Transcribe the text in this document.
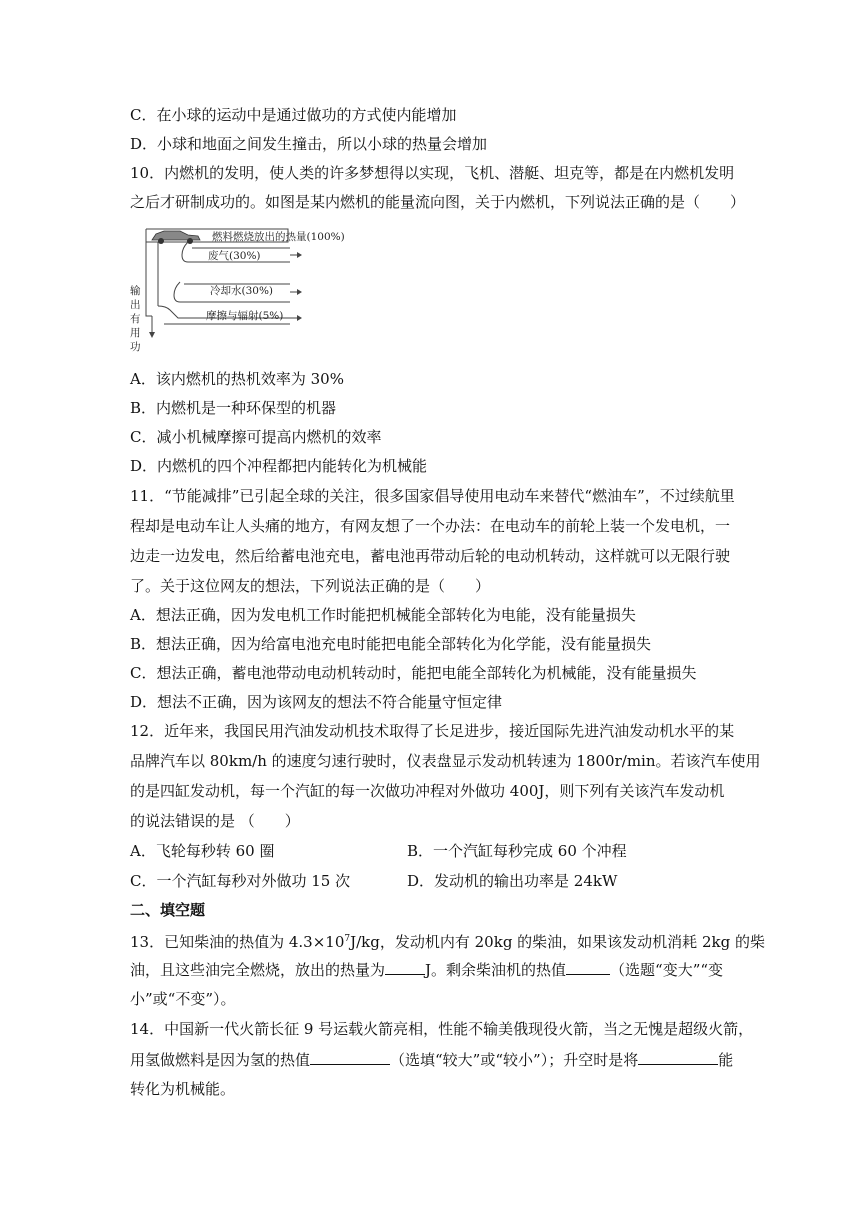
C．在小球的运动中是通过做功的方式使内能增加
D．小球和地面之间发生撞击，所以小球的热量会增加
10．内燃机的发明，使人类的许多梦想得以实现，飞机、潜艇、坦克等，都是在内燃机发明
之后才研制成功的。如图是某内燃机的能量流向图，关于内燃机，下列说法正确的是（　　）
燃料燃烧放出的热量(100%)
废气(30%)
冷却水(30%)
摩擦与辐射(5%)
输
出
有
用
功
A．该内燃机的热机效率为 30%
B．内燃机是一种环保型的机器
C．减小机械摩擦可提高内燃机的效率
D．内燃机的四个冲程都把内能转化为机械能
11．“节能减排”已引起全球的关注，很多国家倡导使用电动车来替代“燃油车”，不过续航里
程却是电动车让人头痛的地方，有网友想了一个办法：在电动车的前轮上装一个发电机，一
边走一边发电，然后给蓄电池充电，蓄电池再带动后轮的电动机转动，这样就可以无限行驶
了。关于这位网友的想法，下列说法正确的是（　　）
A．想法正确，因为发电机工作时能把机械能全部转化为电能，没有能量损失
B．想法正确，因为给富电池充电时能把电能全部转化为化学能，没有能量损失
C．想法正确，蓄电池带动电动机转动时，能把电能全部转化为机械能，没有能量损失
D．想法不正确，因为该网友的想法不符合能量守恒定律
12．近年来，我国民用汽油发动机技术取得了长足进步，接近国际先进汽油发动机水平的某
品牌汽车以 80km/h 的速度匀速行驶时，仪表盘显示发动机转速为 1800r/min。若该汽车使用
的是四缸发动机，每一个汽缸的每一次做功冲程对外做功 400J，则下列有关该汽车发动机
的说法错误的是 （　　）
A．飞轮每秒转 60 圈	B．一个汽缸每秒完成 60 个冲程
C．一个汽缸每秒对外做功 15 次	D．发动机的输出功率是 24kW
二、填空题
13．已知柴油的热值为 $4.3\times 10^7J/kg$，发动机内有 20kg 的柴油，如果该发动机消耗 2kg 的柴
油，且这些油完全燃烧，放出的热量为	J。剩余柴油机的热值	（选题“变大”“变
小”或“不变”）。
14．中国新一代火箭长征 9 号运载火箭亮相，性能不输美俄现役火箭，当之无愧是超级火箭，
用氢做燃料是因为氢的热值	（选填“较大”或“较小”）；升空时是将	能
转化为机械能。
